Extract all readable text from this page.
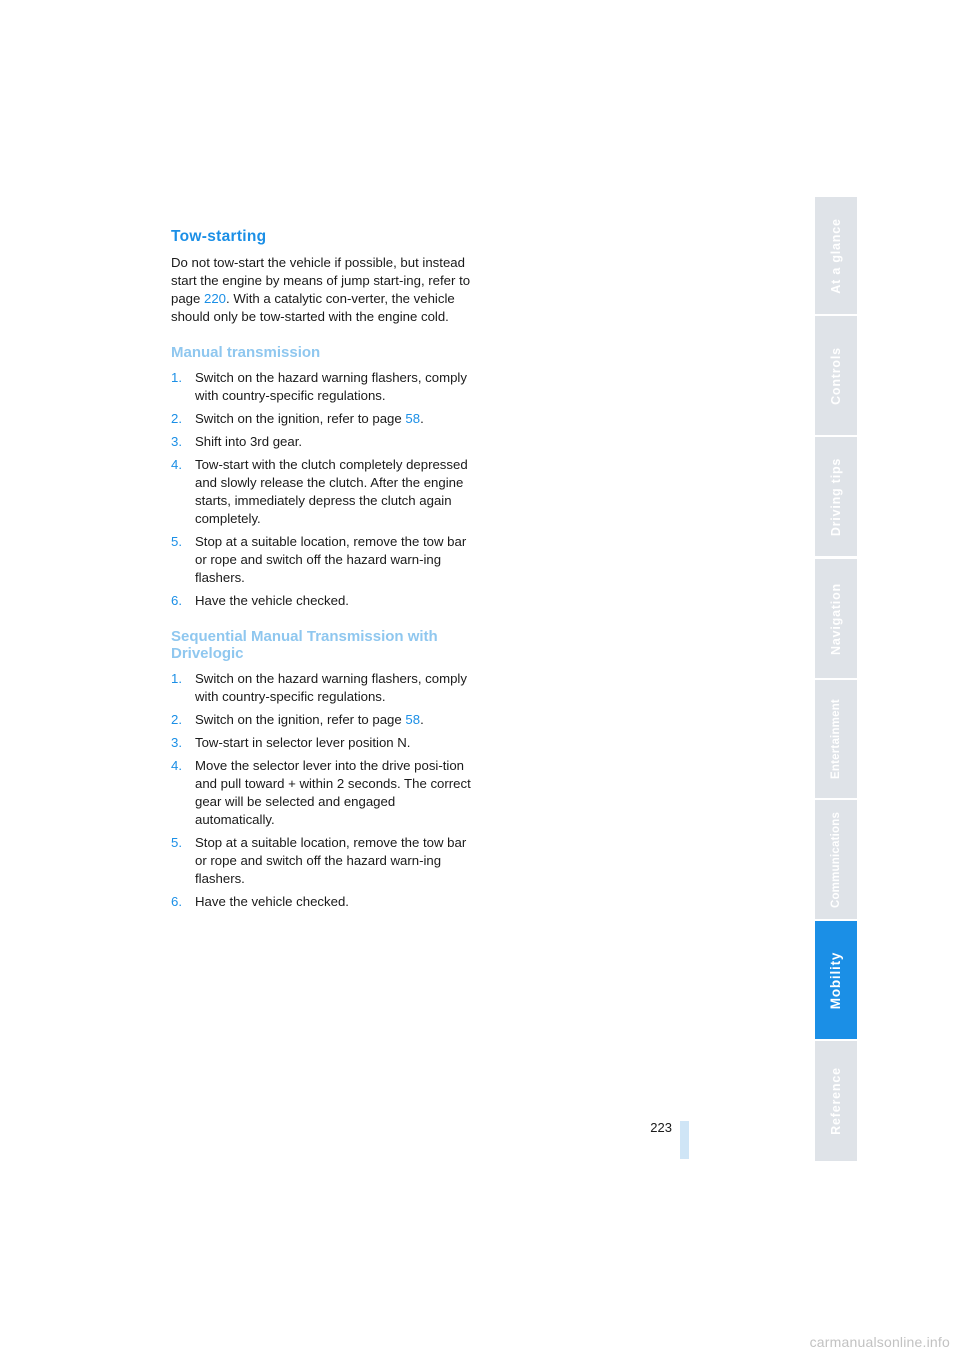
Tow-starting

Do not tow-start the vehicle if possible, but instead start the engine by means of jump start-ing, refer to page 220. With a catalytic con-verter, the vehicle should only be tow-started with the engine cold.

Manual transmission
1. Switch on the hazard warning flashers, comply with country-specific regulations.
2. Switch on the ignition, refer to page 58.
3. Shift into 3rd gear.
4. Tow-start with the clutch completely depressed and slowly release the clutch. After the engine starts, immediately depress the clutch again completely.
5. Stop at a suitable location, remove the tow bar or rope and switch off the hazard warn-ing flashers.
6. Have the vehicle checked.
Sequential Manual Transmission with Drivelogic
1. Switch on the hazard warning flashers, comply with country-specific regulations.
2. Switch on the ignition, refer to page 58.
3. Tow-start in selector lever position N.
4. Move the selector lever into the drive posi-tion and pull toward + within 2 seconds. The correct gear will be selected and engaged automatically.
5. Stop at a suitable location, remove the tow bar or rope and switch off the hazard warn-ing flashers.
6. Have the vehicle checked.
At a glance
Controls
Driving tips
Navigation
Entertainment
Communications
Mobility
Reference
223
carmanualsonline.info
